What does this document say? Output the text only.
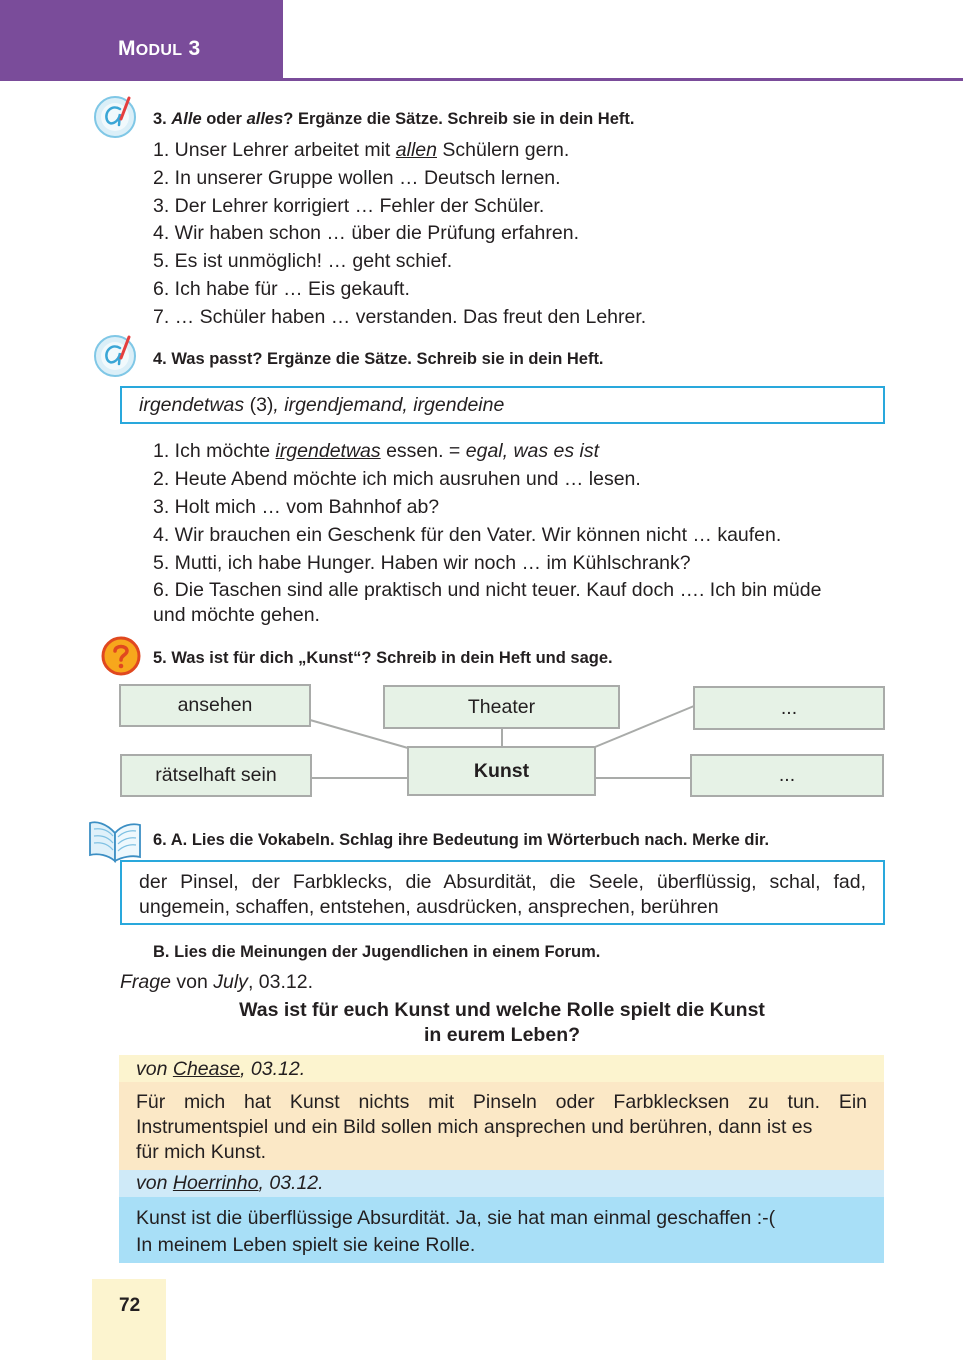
MODUL 3
3. Alle oder alles? Ergänze die Sätze. Schreib sie in dein Heft.
1. Unser Lehrer arbeitet mit allen Schülern gern.
2. In unserer Gruppe wollen … Deutsch lernen.
3. Der Lehrer korrigiert … Fehler der Schüler.
4. Wir haben schon … über die Prüfung erfahren.
5. Es ist unmöglich! … geht schief.
6. Ich habe für … Eis gekauft.
7. … Schüler haben … verstanden. Das freut den Lehrer.
4. Was passt? Ergänze die Sätze. Schreib sie in dein Heft.
irgendetwas (3), irgendjemand, irgendeine
1. Ich möchte irgendetwas essen. = egal, was es ist
2. Heute Abend möchte ich mich ausruhen und … lesen.
3. Holt mich … vom Bahnhof ab?
4. Wir brauchen ein Geschenk für den Vater. Wir können nicht … kaufen.
5. Mutti, ich habe Hunger. Haben wir noch … im Kühlschrank?
6. Die Taschen sind alle praktisch und nicht teuer. Kauf doch …. Ich bin müde
und möchte gehen.
5. Was ist für dich „Kunst“? Schreib in dein Heft und sage.
ansehen	Theater	...
Kunst
rätselhaft sein	...
6. A. Lies die Vokabeln. Schlag ihre Bedeutung im Wörterbuch nach. Merke dir.
der Pinsel, der Farbklecks, die Absurdität, die Seele, überflüssig, schal, fad,
ungemein, schaffen, entstehen, ausdrücken, ansprechen, berühren
B. Lies die Meinungen der Jugendlichen in einem Forum.
Frage von July, 03.12.
Was ist für euch Kunst und welche Rolle spielt die Kunst
in eurem Leben?
von Chease, 03.12.
Für mich hat Kunst nichts mit Pinseln oder Farbklecksen zu tun. Ein
Instrumentspiel und ein Bild sollen mich ansprechen und berühren, dann ist es
für mich Kunst.
von Hoerrinho, 03.12.
Kunst ist die überflüssige Absurdität. Ja, sie hat man einmal geschaffen :-(
In meinem Leben spielt sie keine Rolle.
72
